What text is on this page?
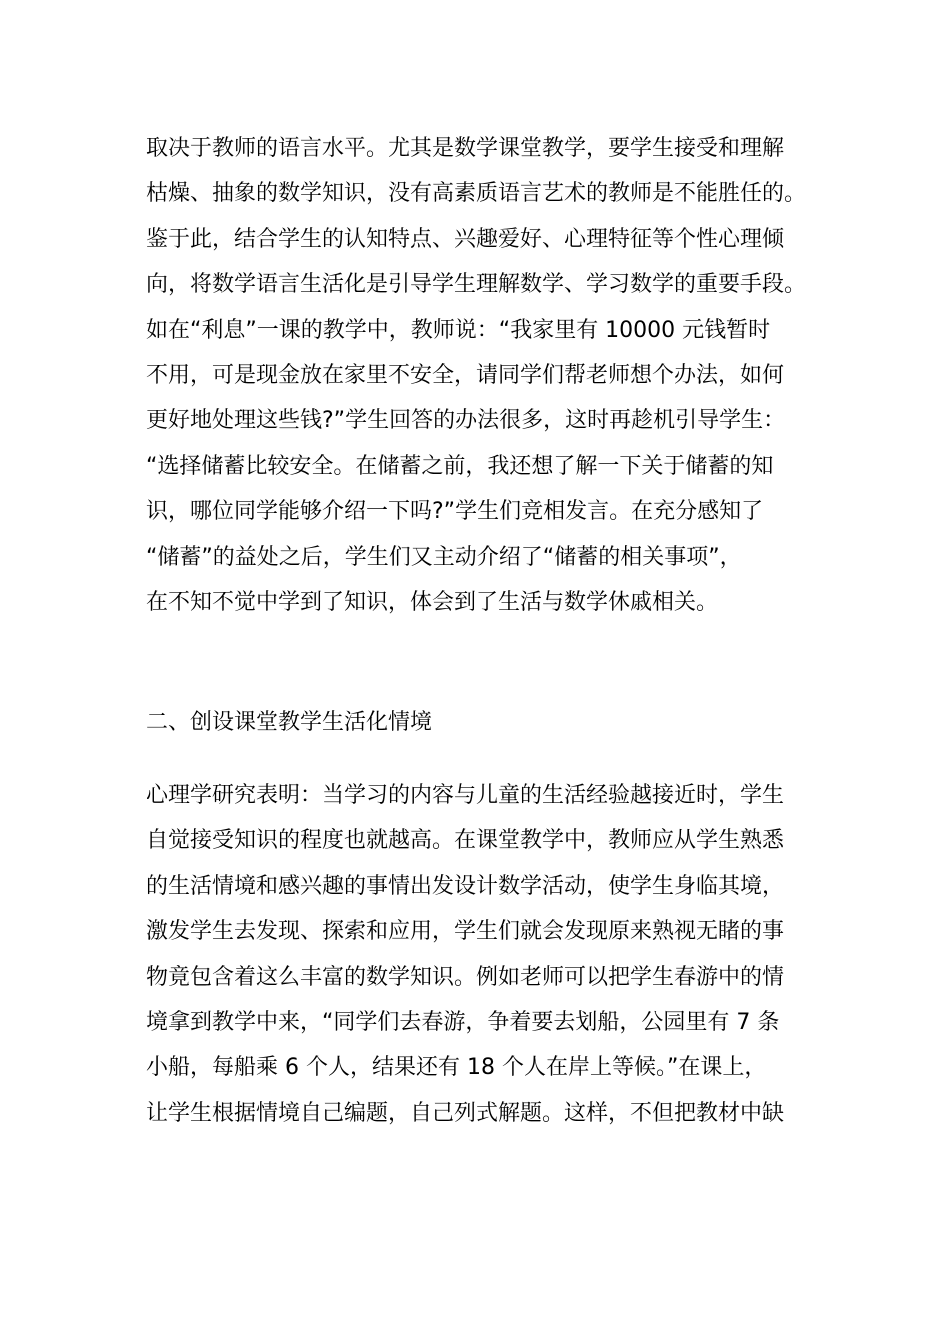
取决于教师的语言水平。尤其是数学课堂教学，要学生接受和理解
枯燥、抽象的数学知识，没有高素质语言艺术的教师是不能胜任的。
鉴于此，结合学生的认知特点、兴趣爱好、心理特征等个性心理倾
向，将数学语言生活化是引导学生理解数学、学习数学的重要手段。
如在“利息”一课的教学中，教师说：“我家里有 10000 元钱暂时
不用，可是现金放在家里不安全，请同学们帮老师想个办法，如何
更好地处理这些钱?”学生回答的办法很多，这时再趁机引导学生：
“选择储蓄比较安全。在储蓄之前，我还想了解一下关于储蓄的知
识，哪位同学能够介绍一下吗?”学生们竞相发言。在充分感知了
“储蓄”的益处之后，学生们又主动介绍了“储蓄的相关事项”，
在不知不觉中学到了知识，体会到了生活与数学休戚相关。
二、创设课堂教学生活化情境
心理学研究表明：当学习的内容与儿童的生活经验越接近时，学生
自觉接受知识的程度也就越高。在课堂教学中，教师应从学生熟悉
的生活情境和感兴趣的事情出发设计数学活动，使学生身临其境，
激发学生去发现、探索和应用，学生们就会发现原来熟视无睹的事
物竟包含着这么丰富的数学知识。例如老师可以把学生春游中的情
境拿到教学中来，“同学们去春游，争着要去划船，公园里有 7 条
小船，每船乘 6 个人，结果还有 18 个人在岸上等候。”在课上，
让学生根据情境自己编题，自己列式解题。这样，不但把教材中缺
